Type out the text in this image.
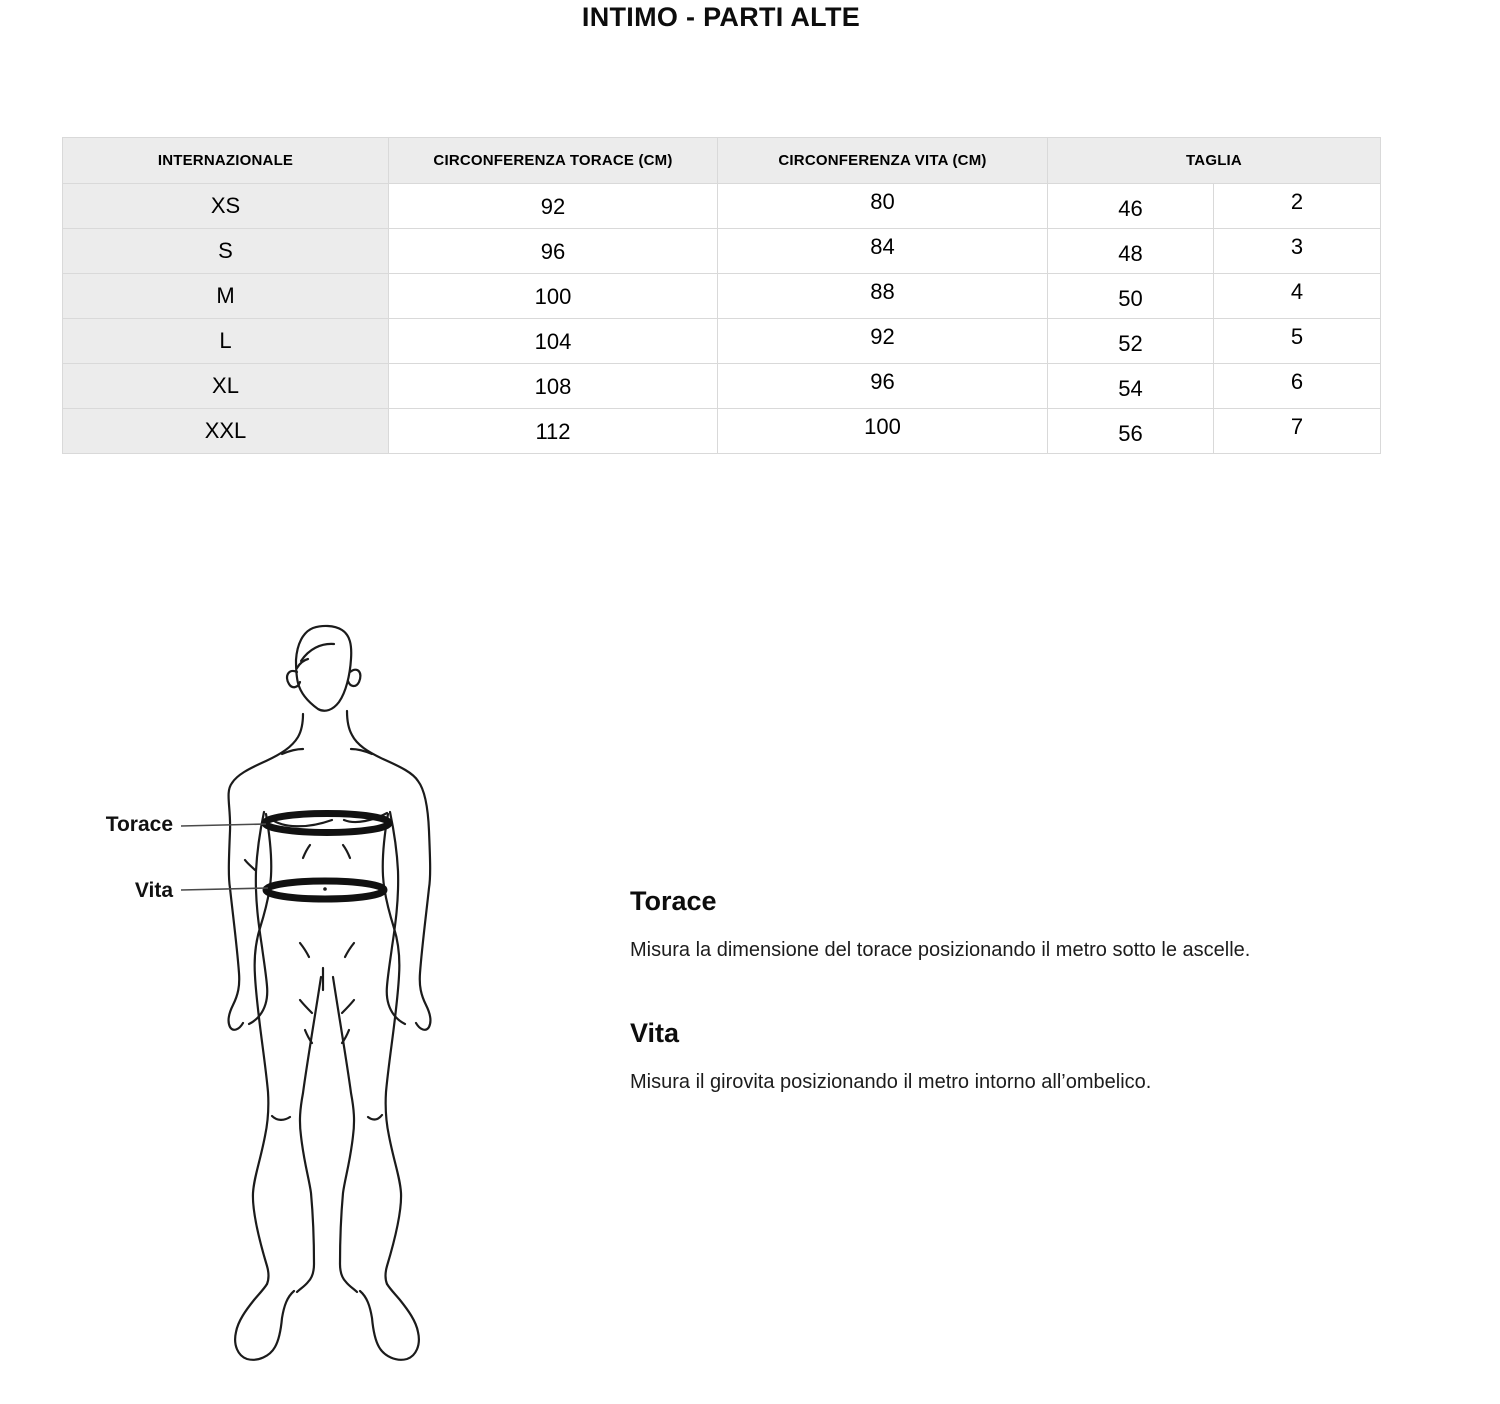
INTIMO - PARTI ALTE
INTERNAZIONALE	CIRCONFERENZA TORACE (CM)	CIRCONFERENZA VITA (CM)	TAGLIA	
XS	92	80	46	2
S	96	84	48	3
M	100	88	50	4
L	104	92	52	5
XL	108	96	54	6
XXL	112	100	56	7
Torace
Vita	Torace

Misura la dimensione del torace posizionando il metro sotto le ascelle.

Vita

Misura il girovita posizionando il metro intorno all’ombelico.
